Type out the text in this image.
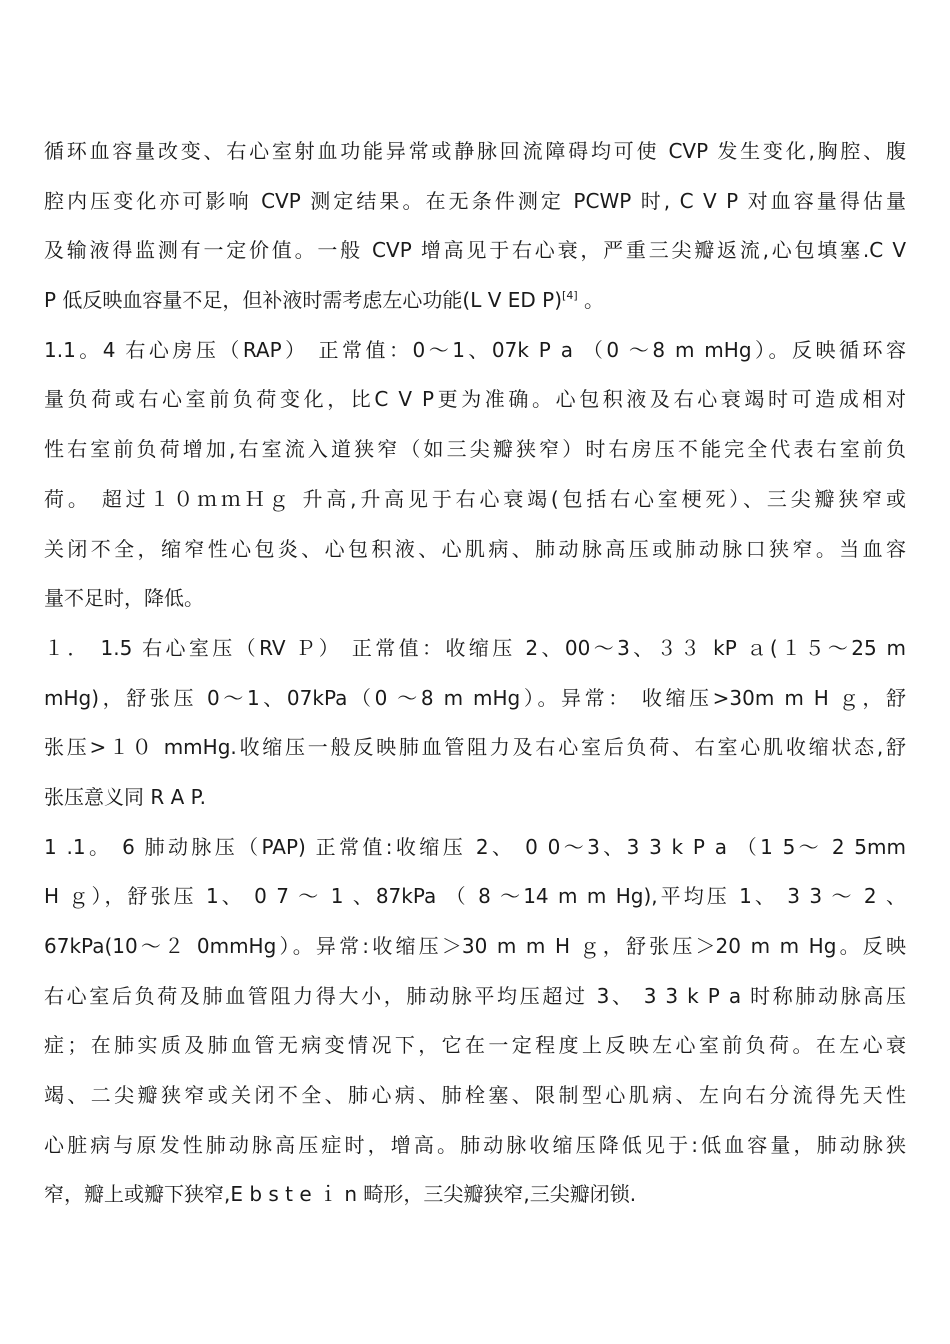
循环血容量改变、右心室射血功能异常或静脉回流障碍均可使 CVP 发生变化,胸腔、腹
腔内压变化亦可影响 CVP 测定结果。在无条件测定 PCWP 时, C V P 对血容量得估量
及输液得监测有一定价值。一般 CVP 增高见于右心衰，严重三尖瓣返流,心包填塞.C V
P 低反映血容量不足，但补液时需考虑左心功能(L V ED P)[4] 。
1.1。4 右心房压（RAP） 正常值：0～1、07k P a （0 ～8 m mHg）。反映循环容
量负荷或右心室前负荷变化，比C V P更为准确。心包积液及右心衰竭时可造成相对
性右室前负荷增加,右室流入道狭窄（如三尖瓣狭窄）时右房压不能完全代表右室前负
荷。 超过１０ｍｍＨｇ 升高,升高见于右心衰竭(包括右心室梗死）、三尖瓣狭窄或
关闭不全，缩窄性心包炎、心包积液、心肌病、肺动脉高压或肺动脉口狭窄。当血容
量不足时，降低。
１． 1.5 右心室压（RV Ｐ） 正常值：收缩压 2、00～3、３３ kP ａ(１５～25 m
mHg)，舒张压 0～1、07kPa（0 ～8 m mHg）。异常： 收缩压>30m m H ｇ，舒
张压>１０ mmHg.收缩压一般反映肺血管阻力及右心室后负荷、右室心肌收缩状态,舒
张压意义同 R A P.
1 .1。 6 肺动脉压（PAP) 正常值:收缩压 2、 0 0～3、3 3 k P a （1 5～ 2 5mm
H ｇ），舒张压 1、 0 7 ～ 1 、87kPa （ 8 ～14 m m Hg),平均压 1、 3 3 ～ 2 、
67kPa(10～２ 0mmHg）。异常:收缩压＞30 m m H ｇ，舒张压＞20 m m Hg。反映
右心室后负荷及肺血管阻力得大小，肺动脉平均压超过 3、 3 3 k P a 时称肺动脉高压
症；在肺实质及肺血管无病变情况下，它在一定程度上反映左心室前负荷。在左心衰
竭、二尖瓣狭窄或关闭不全、肺心病、肺栓塞、限制型心肌病、左向右分流得先天性
心脏病与原发性肺动脉高压症时，增高。肺动脉收缩压降低见于:低血容量，肺动脉狭
窄，瓣上或瓣下狭窄,E b s t e ｉ n 畸形，三尖瓣狭窄,三尖瓣闭锁.
